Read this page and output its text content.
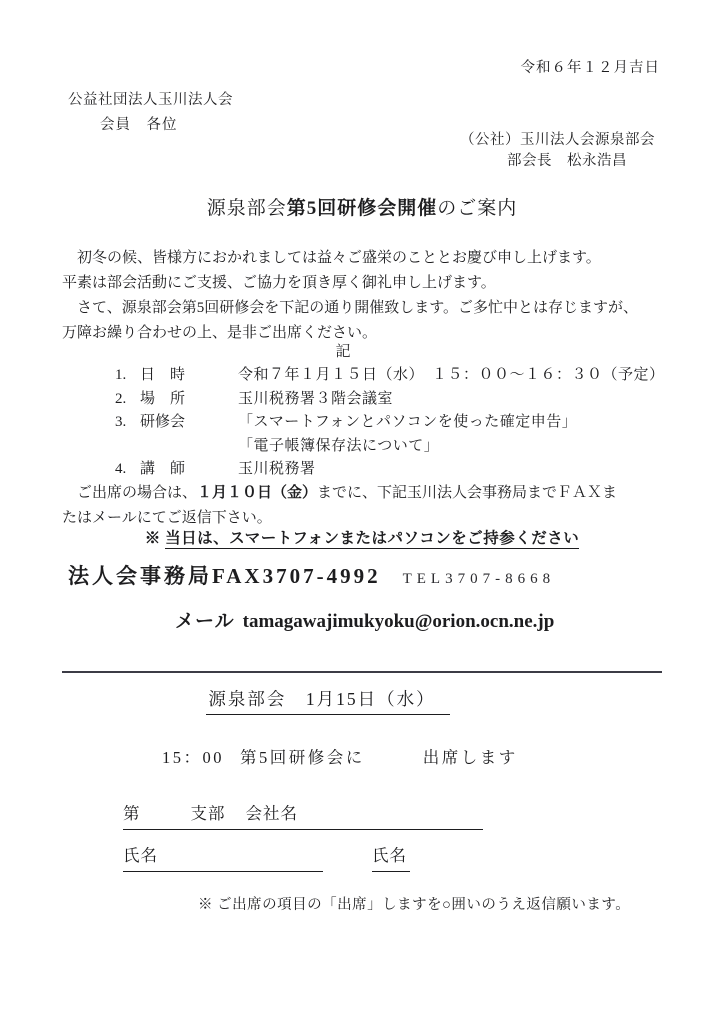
令和６年１２月吉日
公益社団法人玉川法人会
会員　各位
（公社）玉川法人会源泉部会
部会長　松永浩昌
源泉部会第5回研修会開催のご案内
　初冬の候、皆様方におかれましては益々ご盛栄のこととお慶び申し上げます。
平素は部会活動にご支援、ご協力を頂き厚く御礼申し上げます。
　さて、源泉部会第5回研修会を下記の通り開催致します。ご多忙中とは存じますが、
万障お繰り合わせの上、是非ご出席ください。
記
1. 日　時	令和７年１月１５日（水）　１５：００～１６：３０（予定）
2. 場　所	玉川税務署３階会議室
3. 研修会	「スマートフォンとパソコンを使った確定申告」
「電子帳簿保存法について」
4. 講　師	玉川税務署
　ご出席の場合は、１月１０日（金）までに、下記玉川法人会事務局までＦＡＸま
たはメールにてご返信下さい。
※ 当日は、スマートフォンまたはパソコンをご持参ください
法人会事務局FAX3707-4992 TEL3707-8668
メール tamagawajimukyoku@orion.ocn.ne.jp
源泉部会　1月15日（水）
15：00 第5回研修会に	出席します
第	支部 会社名
氏名	氏名
※ ご出席の項目の「出席」しますを○囲いのうえ返信願います。
